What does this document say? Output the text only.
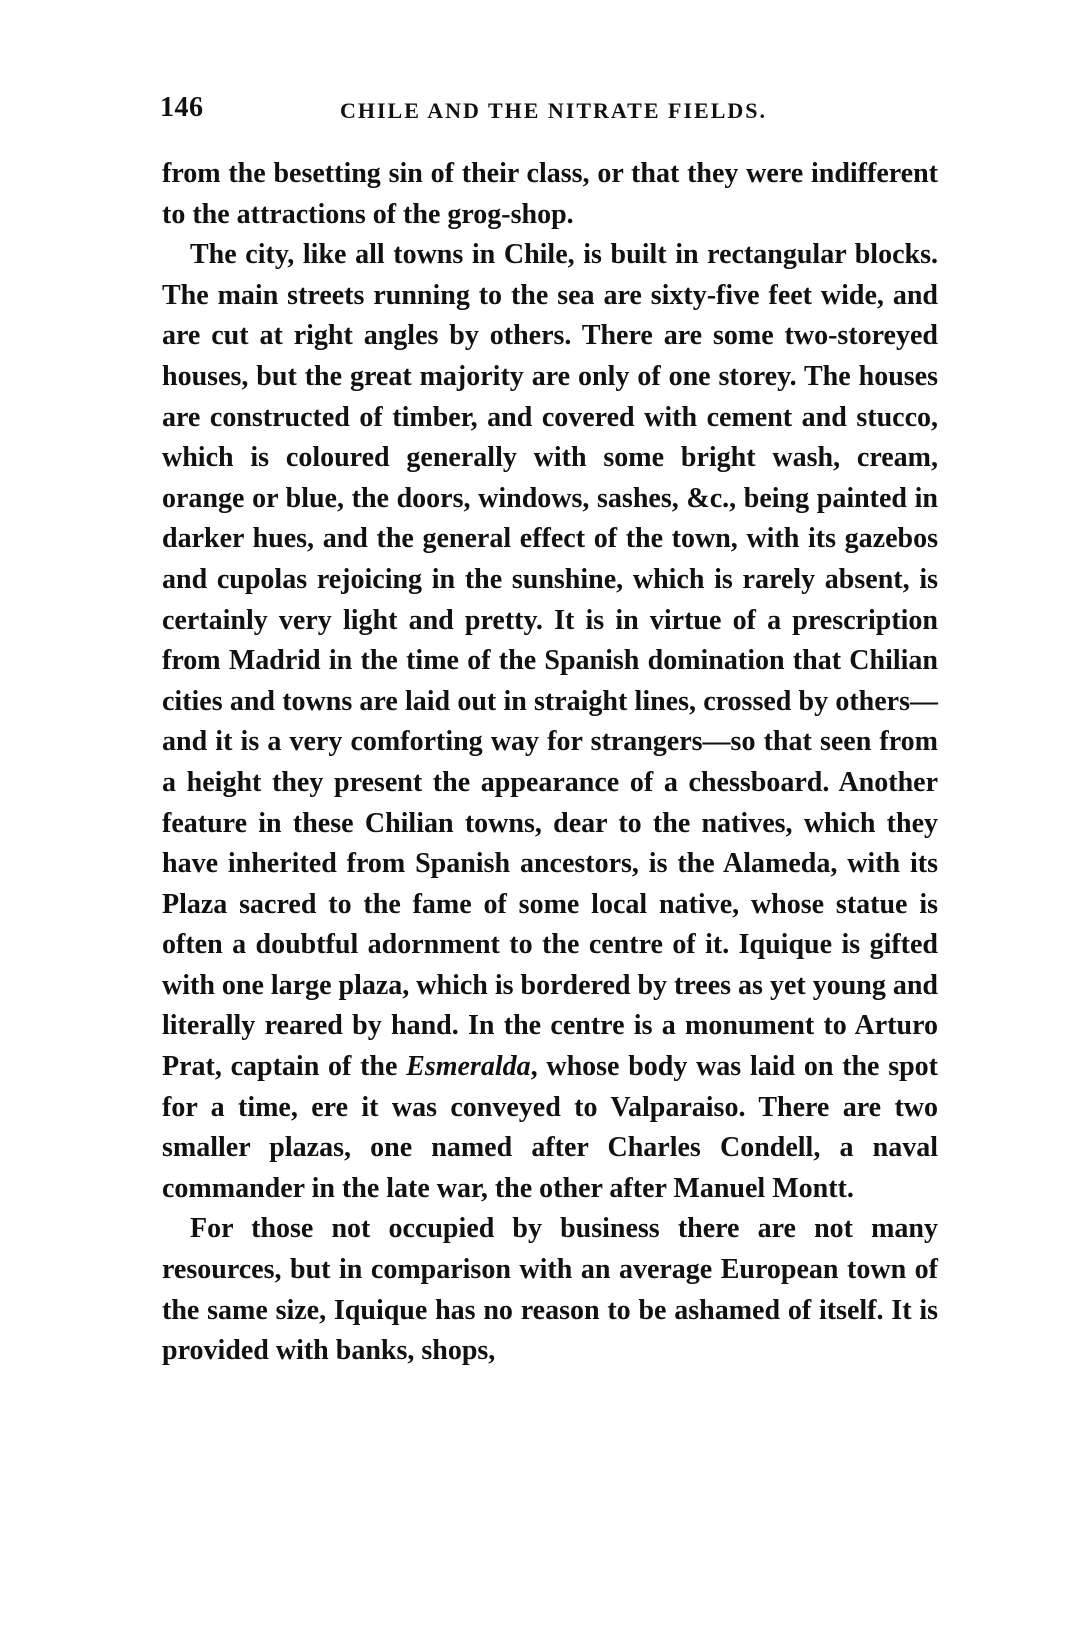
146	CHILE AND THE NITRATE FIELDS.

from the besetting sin of their class, or that they were indifferent to the attractions of the grog-shop.

The city, like all towns in Chile, is built in rectangular blocks. The main streets running to the sea are sixty-five feet wide, and are cut at right angles by others. There are some two-storeyed houses, but the great majority are only of one storey. The houses are constructed of timber, and covered with cement and stucco, which is coloured generally with some bright wash, cream, orange or blue, the doors, windows, sashes, &c., being painted in darker hues, and the general effect of the town, with its gazebos and cupolas rejoicing in the sunshine, which is rarely absent, is certainly very light and pretty. It is in virtue of a prescription from Madrid in the time of the Spanish domination that Chilian cities and towns are laid out in straight lines, crossed by others—and it is a very comforting way for strangers—so that seen from a height they present the appearance of a chessboard. Another feature in these Chilian towns, dear to the natives, which they have inherited from Spanish ancestors, is the Alameda, with its Plaza sacred to the fame of some local native, whose statue is often a doubtful adornment to the centre of it. Iquique is gifted with one large plaza, which is bordered by trees as yet young and literally reared by hand. In the centre is a monument to Arturo Prat, captain of the Esmeralda, whose body was laid on the spot for a time, ere it was conveyed to Valparaiso. There are two smaller plazas, one named after Charles Condell, a naval commander in the late war, the other after Manuel Montt.

For those not occupied by business there are not many resources, but in comparison with an average European town of the same size, Iquique has no reason to be ashamed of itself. It is provided with banks, shops,
